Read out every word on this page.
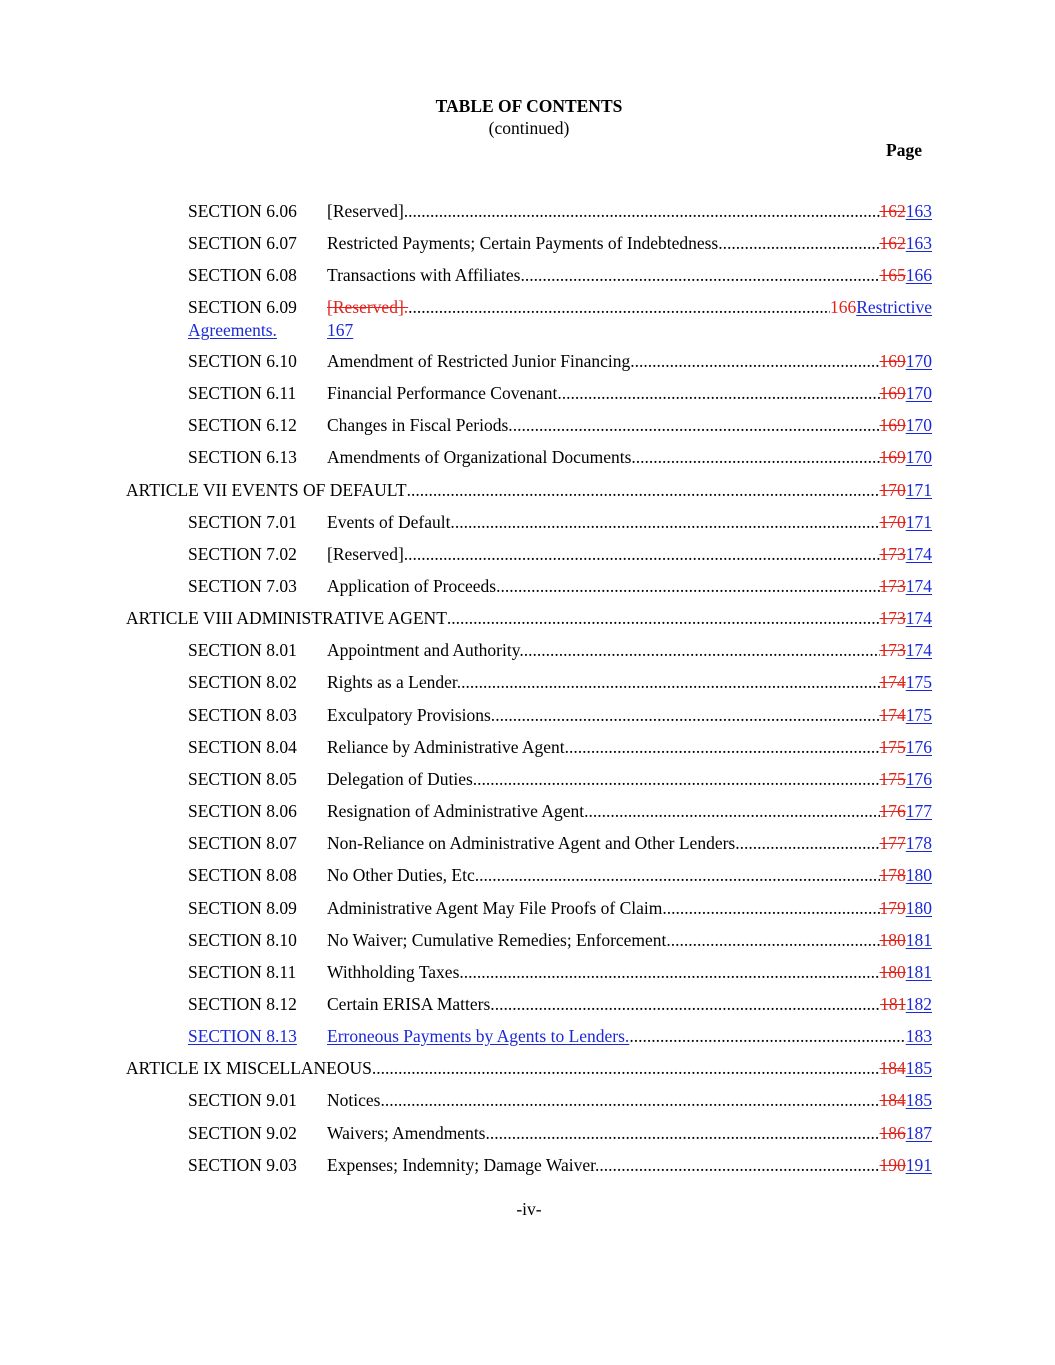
TABLE OF CONTENTS
(continued)
Page
SECTION 6.06 [Reserved] .....	162163
SECTION 6.07 Restricted Payments; Certain Payments of Indebtedness .....	162163
SECTION 6.08 Transactions with Affiliates. .....	165166
SECTION 6.09 [Reserved]. .....	166Restrictive
Agreements.	167
SECTION 6.10 Amendment of Restricted Junior Financing. .....	169170
SECTION 6.11 Financial Performance Covenant. .....	169170
SECTION 6.12 Changes in Fiscal Periods. .....	169170
SECTION 6.13 Amendments of Organizational Documents .....	169170
ARTICLE VII EVENTS OF DEFAULT .....	170171
SECTION 7.01 Events of Default. .....	170171
SECTION 7.02 [Reserved]. .....	173174
SECTION 7.03 Application of Proceeds. .....	173174
ARTICLE VIII ADMINISTRATIVE AGENT .....	173174
SECTION 8.01 Appointment and Authority. .....	173174
SECTION 8.02 Rights as a Lender. .....	174175
SECTION 8.03 Exculpatory Provisions. .....	174175
SECTION 8.04 Reliance by Administrative Agent. .....	175176
SECTION 8.05 Delegation of Duties. .....	175176
SECTION 8.06 Resignation of Administrative Agent. .....	176177
SECTION 8.07 Non-Reliance on Administrative Agent and Other Lenders. .....	177178
SECTION 8.08 No Other Duties, Etc. .....	178180
SECTION 8.09 Administrative Agent May File Proofs of Claim. .....	179180
SECTION 8.10 No Waiver; Cumulative Remedies; Enforcement. .....	180181
SECTION 8.11 Withholding Taxes. .....	180181
SECTION 8.12 Certain ERISA Matters. .....	181182
SECTION 8.13 Erroneous Payments by Agents to Lenders. .....	183
ARTICLE IX MISCELLANEOUS .....	184185
SECTION 9.01 Notices. .....	184185
SECTION 9.02 Waivers; Amendments. .....	186187
SECTION 9.03 Expenses; Indemnity; Damage Waiver. .....	190191
-iv-
